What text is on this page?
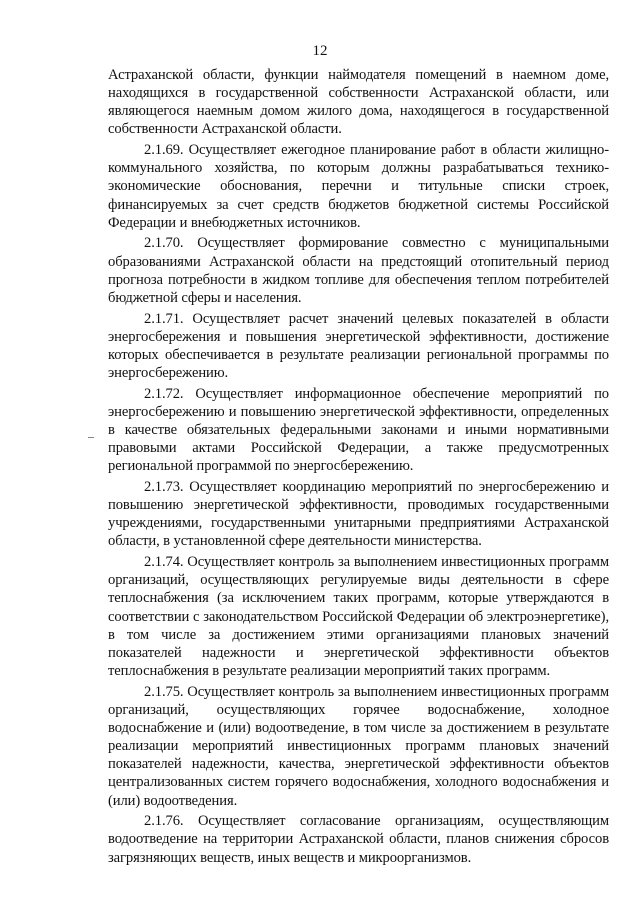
12

Астраханской области, функции наймодателя помещений в наемном доме, находящихся в государственной собственности Астраханской области, или являющегося наемным домом жилого дома, находящегося в государственной собственности Астраханской области.

2.1.69. Осуществляет ежегодное планирование работ в области жилищно-коммунального хозяйства, по которым должны разрабатываться технико-экономические обоснования, перечни и титульные списки строек, финансируемых за счет средств бюджетов бюджетной системы Российской Федерации и внебюджетных источников.

2.1.70. Осуществляет формирование совместно с муниципальными образованиями Астраханской области на предстоящий отопительный период прогноза потребности в жидком топливе для обеспечения теплом потребителей бюджетной сферы и населения.

2.1.71. Осуществляет расчет значений целевых показателей в области энергосбережения и повышения энергетической эффективности, достижение которых обеспечивается в результате реализации региональной программы по энергосбережению.

2.1.72. Осуществляет информационное обеспечение мероприятий по энергосбережению и повышению энергетической эффективности, определенных в качестве обязательных федеральными законами и иными нормативными правовыми актами Российской Федерации, а также предусмотренных региональной программой по энергосбережению.

2.1.73. Осуществляет координацию мероприятий по энергосбережению и повышению энергетической эффективности, проводимых государственными учреждениями, государственными унитарными предприятиями Астраханской области, в установленной сфере деятельности министерства.

2.1.74. Осуществляет контроль за выполнением инвестиционных программ организаций, осуществляющих регулируемые виды деятельности в сфере теплоснабжения (за исключением таких программ, которые утверждаются в соответствии с законодательством Российской Федерации об электроэнергетике), в том числе за достижением этими организациями плановых значений показателей надежности и энергетической эффективности объектов теплоснабжения в результате реализации мероприятий таких программ.

2.1.75. Осуществляет контроль за выполнением инвестиционных программ организаций, осуществляющих горячее водоснабжение, холодное водоснабжение и (или) водоотведение, в том числе за достижением в результате реализации мероприятий инвестиционных программ плановых значений показателей надежности, качества, энергетической эффективности объектов централизованных систем горячего водоснабжения, холодного водоснабжения и (или) водоотведения.

2.1.76. Осуществляет согласование организациям, осуществляющим водоотведение на территории Астраханской области, планов снижения сбросов загрязняющих веществ, иных веществ и микроорганизмов.
